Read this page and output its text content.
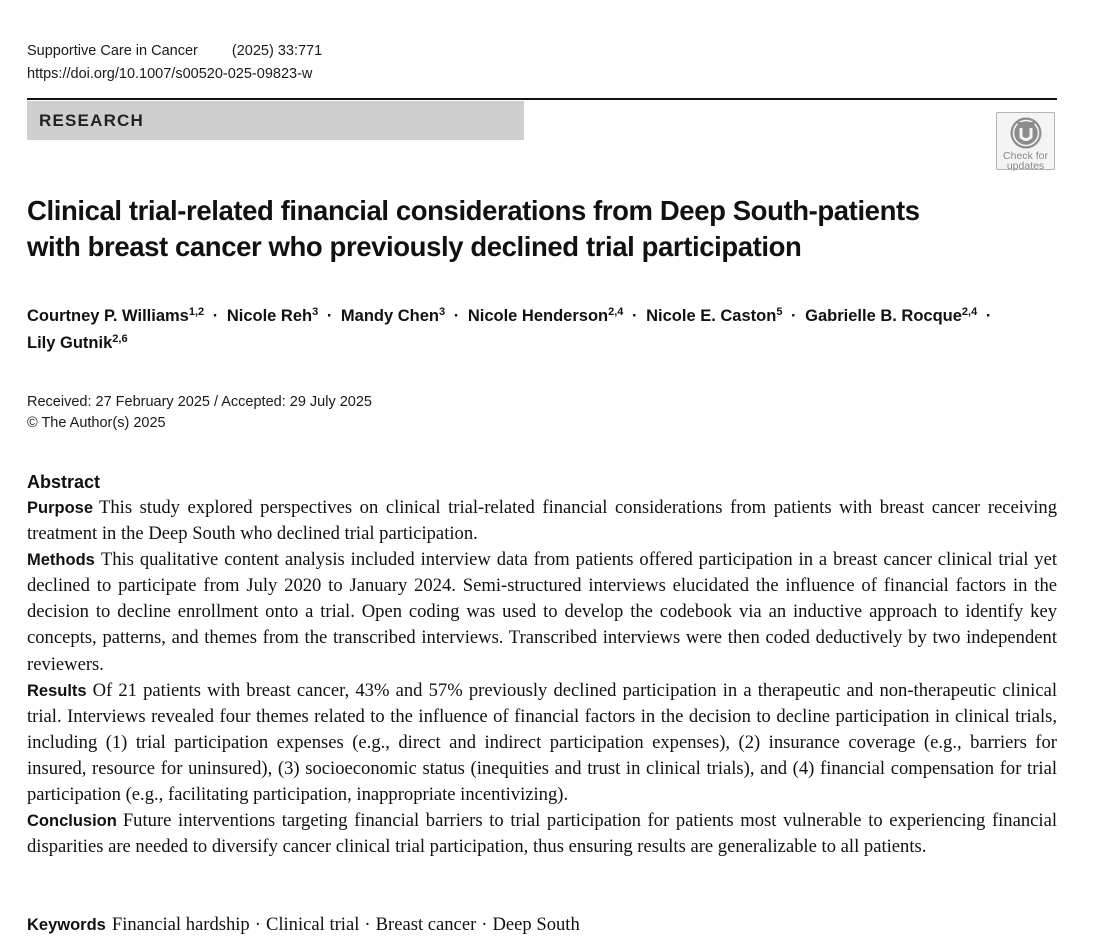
Supportive Care in Cancer (2025) 33:771
https://doi.org/10.1007/s00520-025-09823-w
RESEARCH
Check for
updates
Clinical trial-related financial considerations from Deep South-patients
with breast cancer who previously declined trial participation
Courtney P. Williams$^{1,2}$ · Nicole Reh$^3$ · Mandy Chen$^3$ · Nicole Henderson$^{2,4}$ · Nicole E. Caston$^5$ · Gabrielle B. Rocque$^{2,4}$ · Lily Gutnik$^{2,6}$
Received: 27 February 2025 / Accepted: 29 July 2025
© The Author(s) 2025
Abstract

Purpose This study explored perspectives on clinical trial-related financial considerations from patients with breast cancer receiving treatment in the Deep South who declined trial participation.

Methods This qualitative content analysis included interview data from patients offered participation in a breast cancer clinical trial yet declined to participate from July 2020 to January 2024. Semi-structured interviews elucidated the influence of financial factors in the decision to decline enrollment onto a trial. Open coding was used to develop the codebook via an inductive approach to identify key concepts, patterns, and themes from the transcribed interviews. Transcribed interviews were then coded deductively by two independent reviewers.

Results Of 21 patients with breast cancer, 43% and 57% previously declined participation in a therapeutic and non-therapeutic clinical trial. Interviews revealed four themes related to the influence of financial factors in the decision to decline participation in clinical trials, including (1) trial participation expenses (e.g., direct and indirect participation expenses), (2) insurance coverage (e.g., barriers for insured, resource for uninsured), (3) socioeconomic status (inequities and trust in clinical trials), and (4) financial compensation for trial participation (e.g., facilitating participation, inappropriate incentivizing).

Conclusion Future interventions targeting financial barriers to trial participation for patients most vulnerable to experiencing financial disparities are needed to diversify cancer clinical trial participation, thus ensuring results are generalizable to all patients.

Keywords Financial hardship · Clinical trial · Breast cancer · Deep South
